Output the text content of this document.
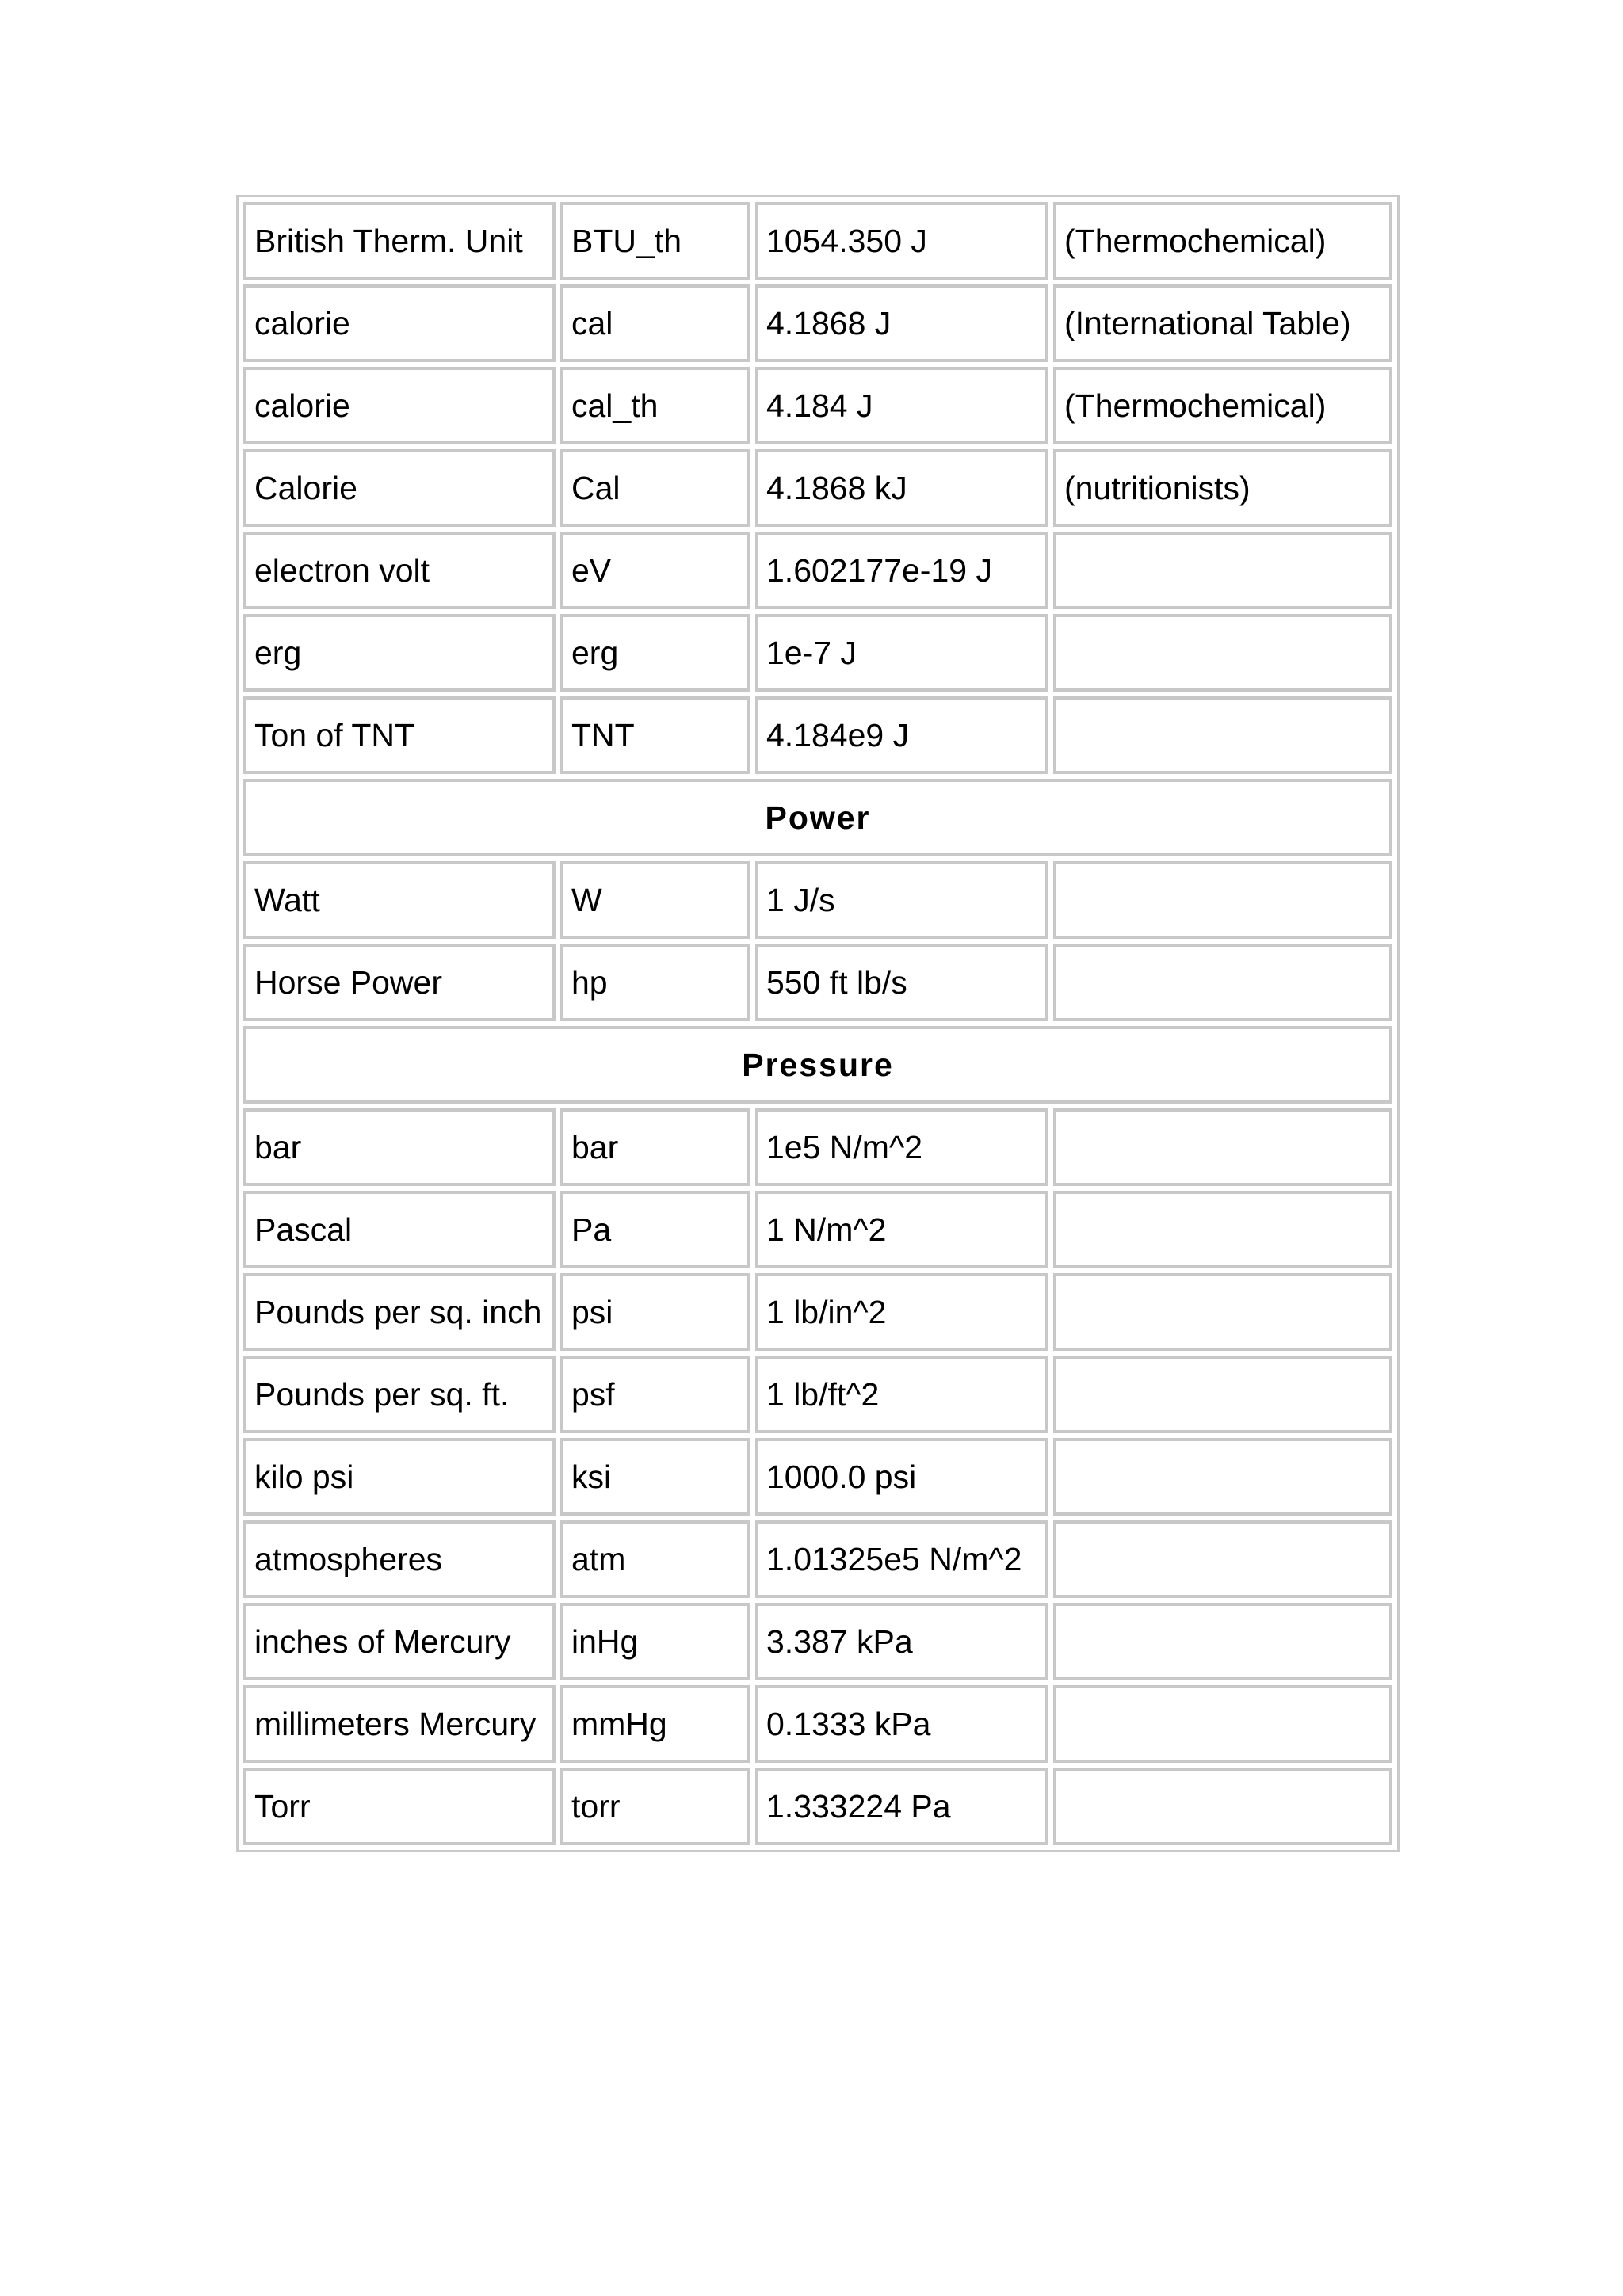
British Therm. Unit	BTU_th	1054.350 J	(Thermochemical)
calorie	cal	4.1868 J	(International Table)
calorie	cal_th	4.184 J	(Thermochemical)
Calorie	Cal	4.1868 kJ	(nutritionists)
electron volt	eV	1.602177e-19 J	
erg	erg	1e-7 J	
Ton of TNT	TNT	4.184e9 J	
Power			
Watt	W	1 J/s	
Horse Power	hp	550 ft lb/s	
Pressure			
bar	bar	1e5 N/m^2	
Pascal	Pa	1 N/m^2	
Pounds per sq. inch	psi	1 lb/in^2	
Pounds per sq. ft.	psf	1 lb/ft^2	
kilo psi	ksi	1000.0 psi	
atmospheres	atm	1.01325e5 N/m^2	
inches of Mercury	inHg	3.387 kPa	
millimeters Mercury	mmHg	0.1333 kPa	
Torr	torr	1.333224 Pa	
